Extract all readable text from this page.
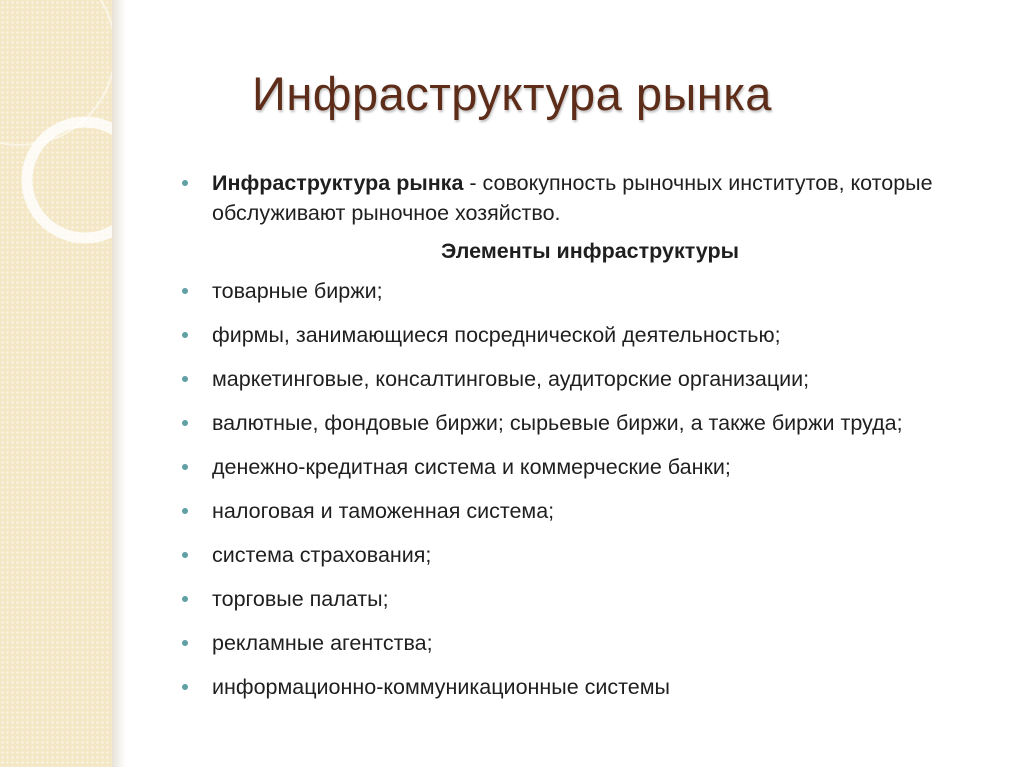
Инфраструктура рынка
Инфраструктура рынка - совокупность рыночных институтов, которые обслуживают рыночное хозяйство.
Элементы инфраструктуры
товарные биржи;
фирмы, занимающиеся посреднической деятельностью;
маркетинговые, консалтинговые, аудиторские организации;
валютные, фондовые биржи; сырьевые биржи, а также биржи труда;
денежно-кредитная система и коммерческие банки;
налоговая и таможенная система;
система страхования;
торговые палаты;
рекламные агентства;
информационно-коммуникационные системы
